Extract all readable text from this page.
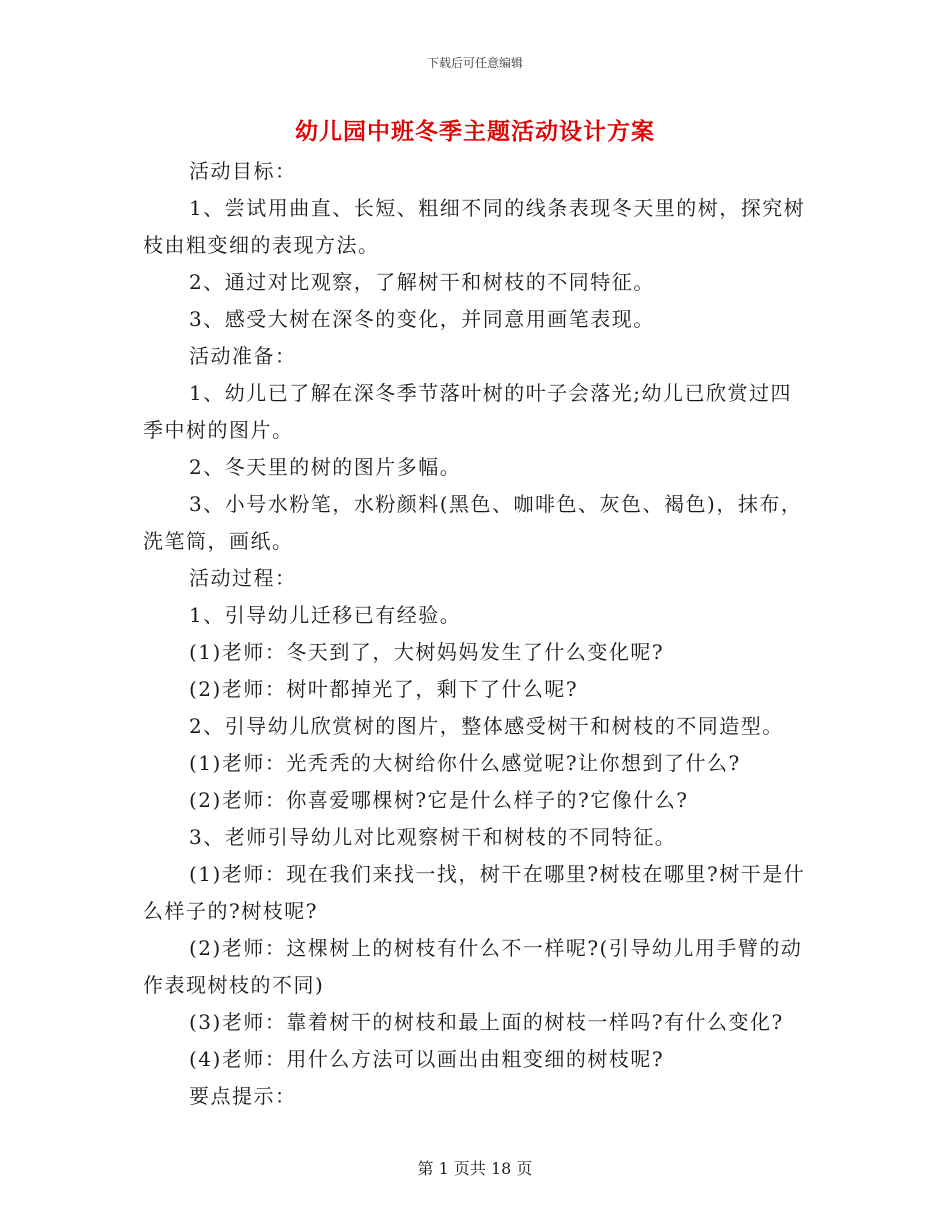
下载后可任意编辑
幼儿园中班冬季主题活动设计方案

活动目标：

1、尝试用曲直、长短、粗细不同的线条表现冬天里的树，探究树枝由粗变细的表现方法。

2、通过对比观察，了解树干和树枝的不同特征。

3、感受大树在深冬的变化，并同意用画笔表现。

活动准备：

1、幼儿已了解在深冬季节落叶树的叶子会落光;幼儿已欣赏过四季中树的图片。

2、冬天里的树的图片多幅。

3、小号水粉笔，水粉颜料(黑色、咖啡色、灰色、褐色)，抹布，洗笔筒，画纸。

活动过程：

1、引导幼儿迁移已有经验。

(1)老师：冬天到了，大树妈妈发生了什么变化呢?

(2)老师：树叶都掉光了，剩下了什么呢?

2、引导幼儿欣赏树的图片，整体感受树干和树枝的不同造型。

(1)老师：光秃秃的大树给你什么感觉呢?让你想到了什么?

(2)老师：你喜爱哪棵树?它是什么样子的?它像什么?

3、老师引导幼儿对比观察树干和树枝的不同特征。

(1)老师：现在我们来找一找，树干在哪里?树枝在哪里?树干是什么样子的?树枝呢?

(2)老师：这棵树上的树枝有什么不一样呢?(引导幼儿用手臂的动作表现树枝的不同)

(3)老师：靠着树干的树枝和最上面的树枝一样吗?有什么变化?

(4)老师：用什么方法可以画出由粗变细的树枝呢?

要点提示：

第 1 页共 18 页
